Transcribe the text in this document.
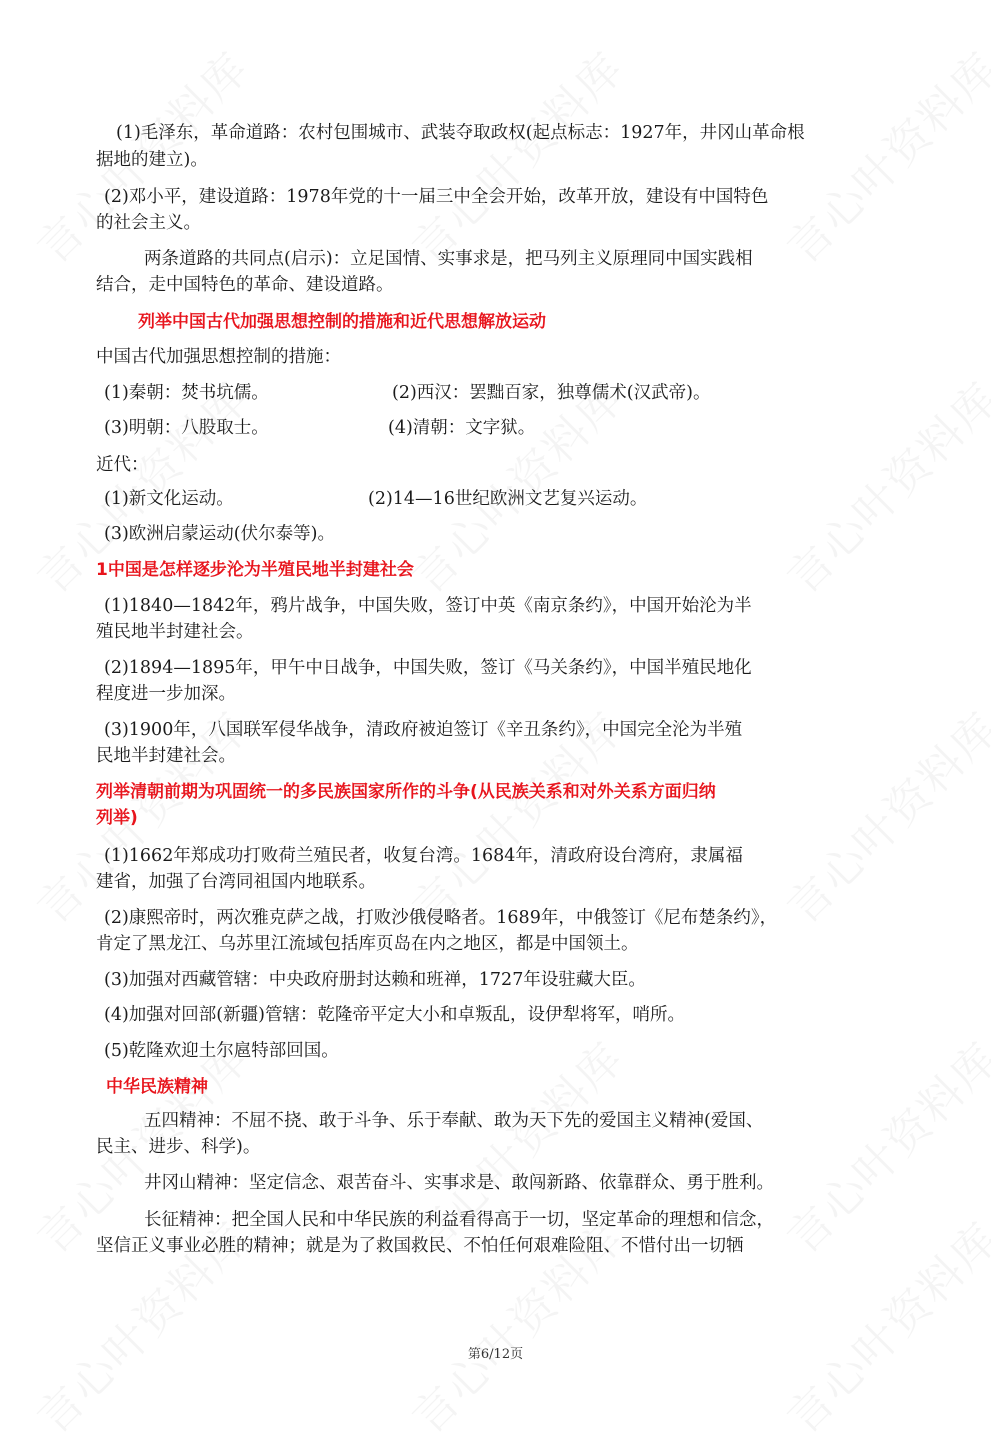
(1)毛泽东，革命道路：农村包围城市、武装夺取政权(起点标志：1927年，井冈山革命根
据地的建立)。
(2)邓小平，建设道路：1978年党的十一届三中全会开始，改革开放，建设有中国特色
的社会主义。
两条道路的共同点(启示)：立足国情、实事求是，把马列主义原理同中国实践相
结合，走中国特色的革命、建设道路。
列举中国古代加强思想控制的措施和近代思想解放运动
中国古代加强思想控制的措施：
(1)秦朝：焚书坑儒。	(2)西汉：罢黜百家，独尊儒术(汉武帝)。
(3)明朝：八股取士。	(4)清朝：文字狱。
近代：
(1)新文化运动。	(2)14—16世纪欧洲文艺复兴运动。
(3)欧洲启蒙运动(伏尔泰等)。
1中国是怎样逐步沦为半殖民地半封建社会
(1)1840—1842年，鸦片战争，中国失败，签订中英《南京条约》，中国开始沦为半
殖民地半封建社会。
(2)1894—1895年，甲午中日战争，中国失败，签订《马关条约》，中国半殖民地化
程度进一步加深。
(3)1900年，八国联军侵华战争，清政府被迫签订《辛丑条约》，中国完全沦为半殖
民地半封建社会。
列举清朝前期为巩固统一的多民族国家所作的斗争(从民族关系和对外关系方面归纳
列举)
(1)1662年郑成功打败荷兰殖民者，收复台湾。1684年，清政府设台湾府，隶属福
建省，加强了台湾同祖国内地联系。
(2)康熙帝时，两次雅克萨之战，打败沙俄侵略者。1689年，中俄签订《尼布楚条约》，
肯定了黑龙江、乌苏里江流域包括库页岛在内之地区，都是中国领土。
(3)加强对西藏管辖：中央政府册封达赖和班禅，1727年设驻藏大臣。
(4)加强对回部(新疆)管辖：乾隆帝平定大小和卓叛乱，设伊犁将军，哨所。
(5)乾隆欢迎土尔扈特部回国。
中华民族精神
五四精神：不屈不挠、敢于斗争、乐于奉献、敢为天下先的爱国主义精神(爱国、
民主、进步、科学)。
井冈山精神：坚定信念、艰苦奋斗、实事求是、敢闯新路、依靠群众、勇于胜利。
长征精神：把全国人民和中华民族的利益看得高于一切，坚定革命的理想和信念，
坚信正义事业必胜的精神；就是为了救国救民、不怕任何艰难险阻、不惜付出一切牺
第6/12页
